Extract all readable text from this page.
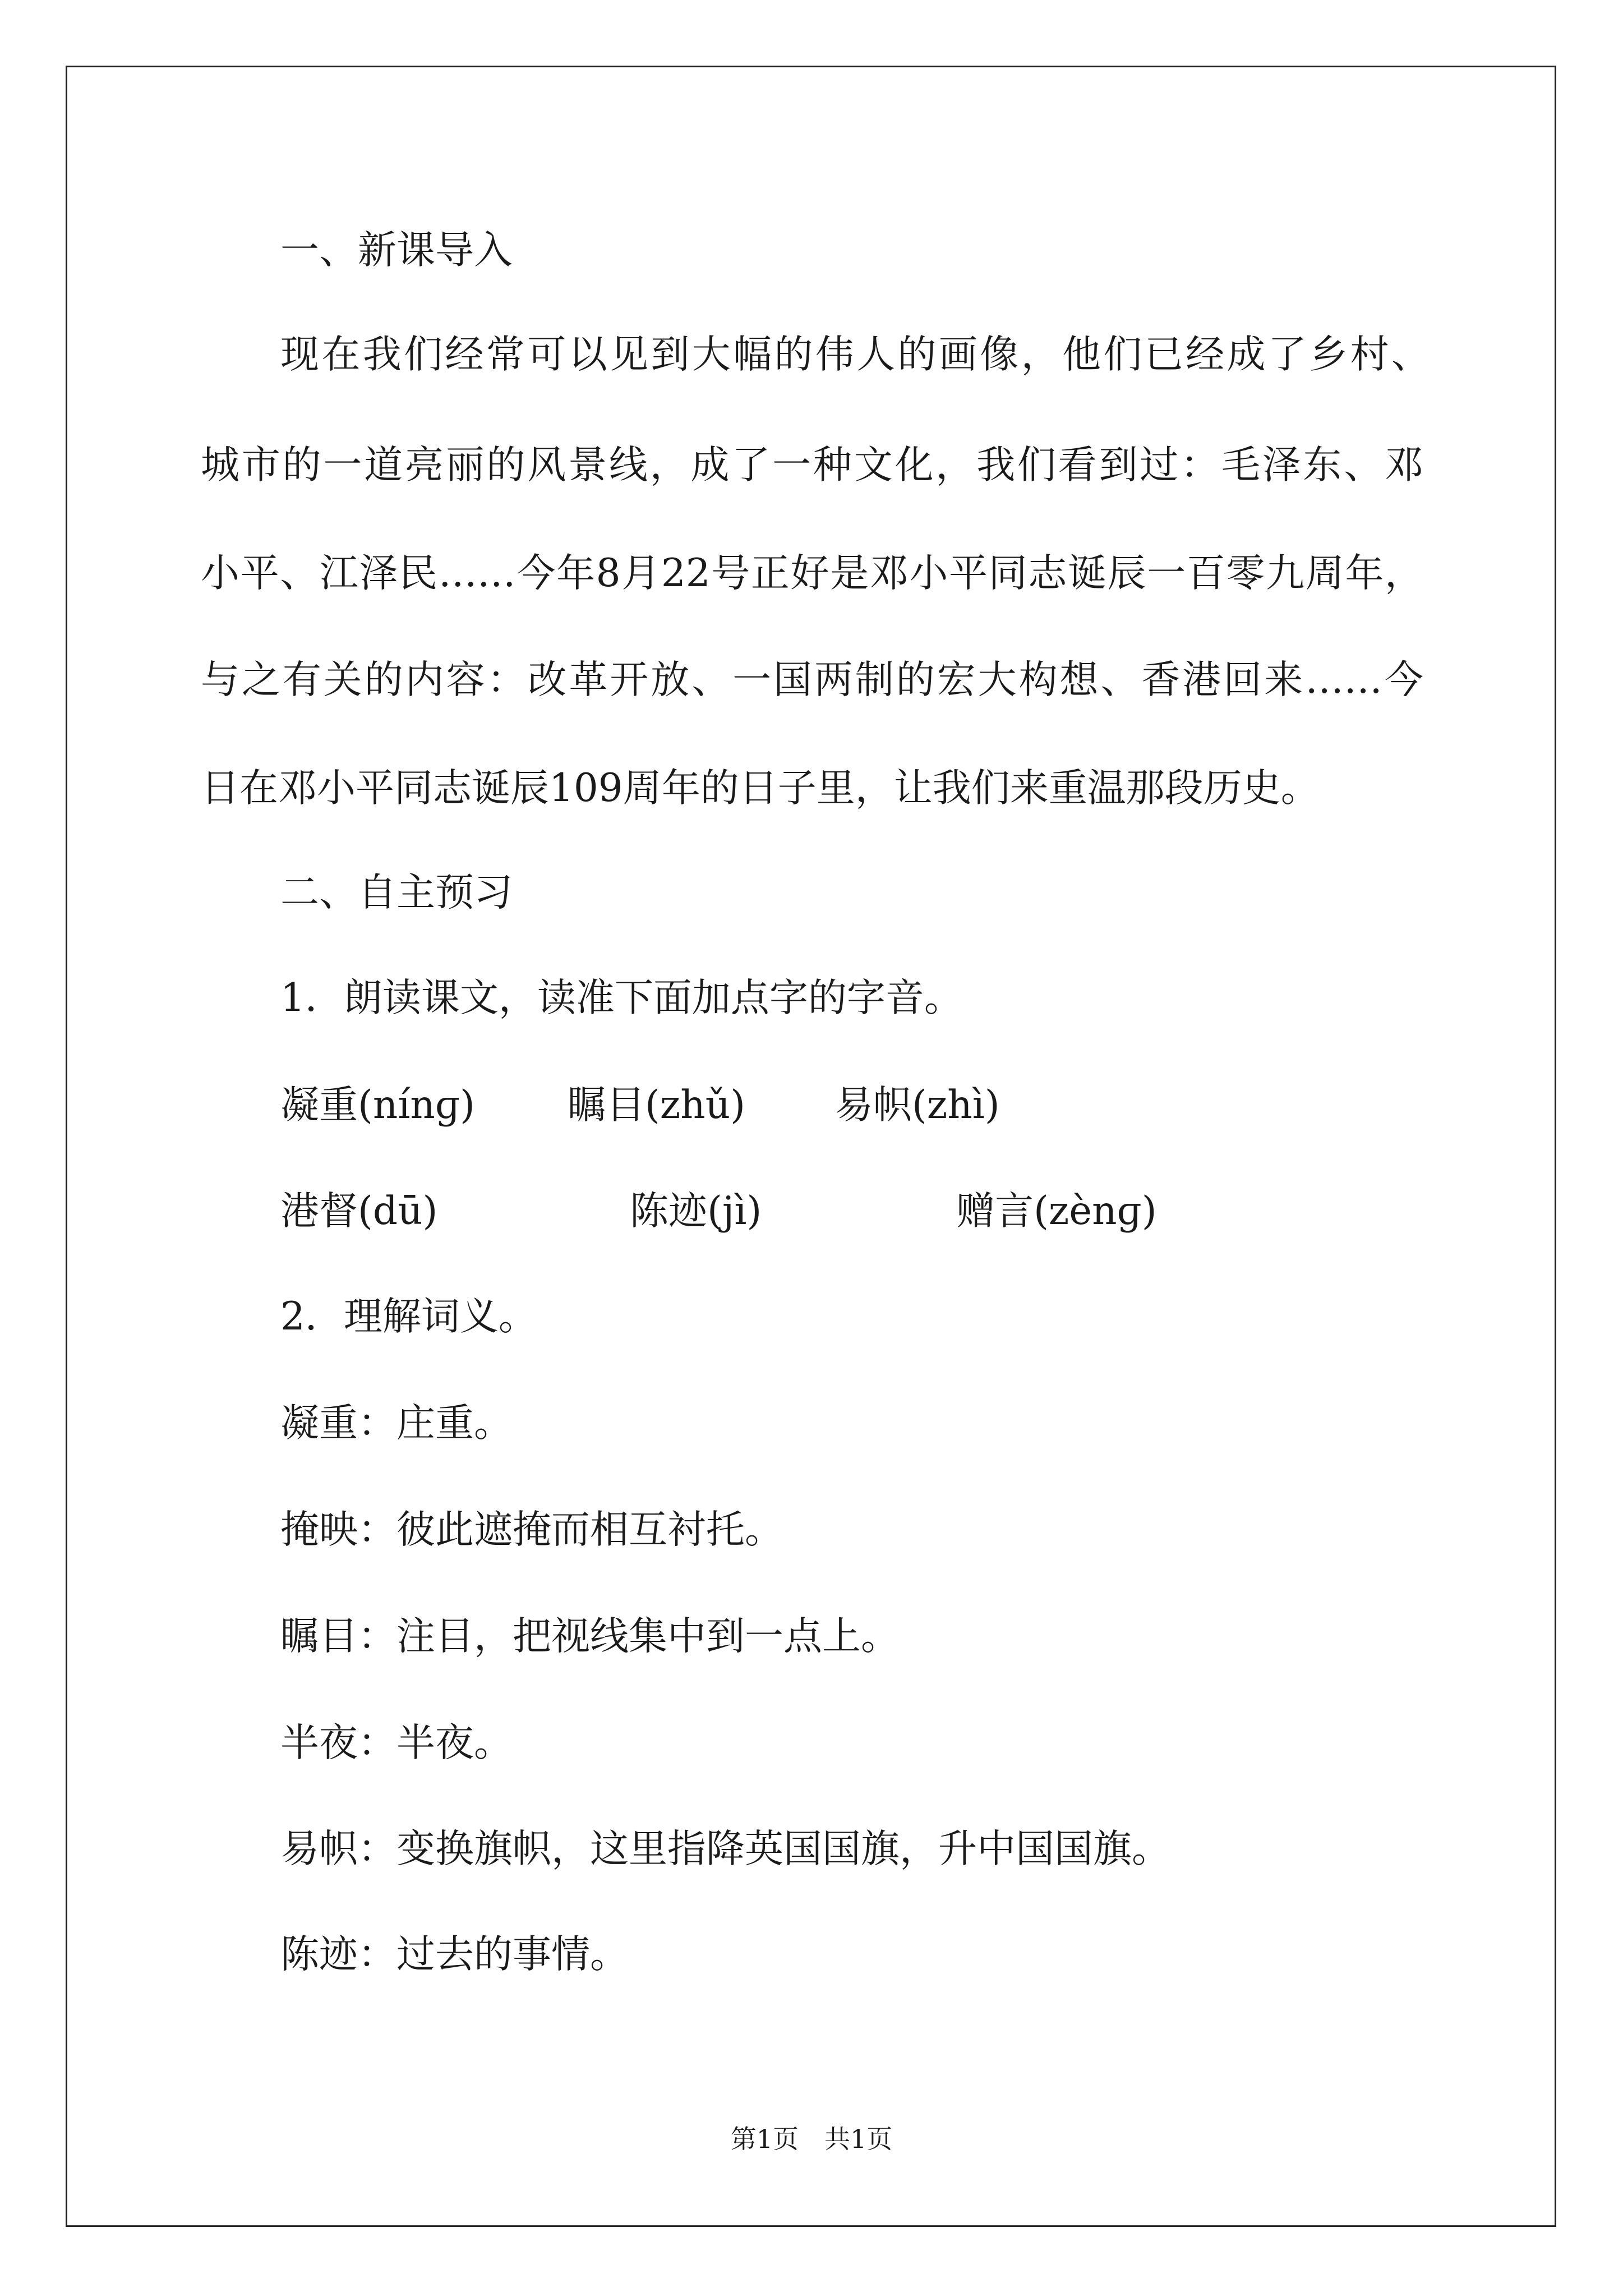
一、新课导入
现在我们经常可以见到大幅的伟人的画像，他们已经成了乡村、
城市的一道亮丽的风景线，成了一种文化，我们看到过：毛泽东、邓
小平、江泽民……今年8月22号正好是邓小平同志诞辰一百零九周年，
与之有关的内容：改革开放、一国两制的宏大构想、香港回来……今
日在邓小平同志诞辰109周年的日子里，让我们来重温那段历史。
二、自主预习
1．朗读课文，读准下面加点字的字音。
凝重(nínɡ) 瞩目(zhǔ) 易帜(zhì)
港督(dū)	陈迹(jì)	赠言(zènɡ)
2．理解词义。
凝重：庄重。
掩映：彼此遮掩而相互衬托。
瞩目：注目，把视线集中到一点上。
半夜：半夜。
易帜：变换旗帜，这里指降英国国旗，升中国国旗。
陈迹：过去的事情。
第1页　共1页
